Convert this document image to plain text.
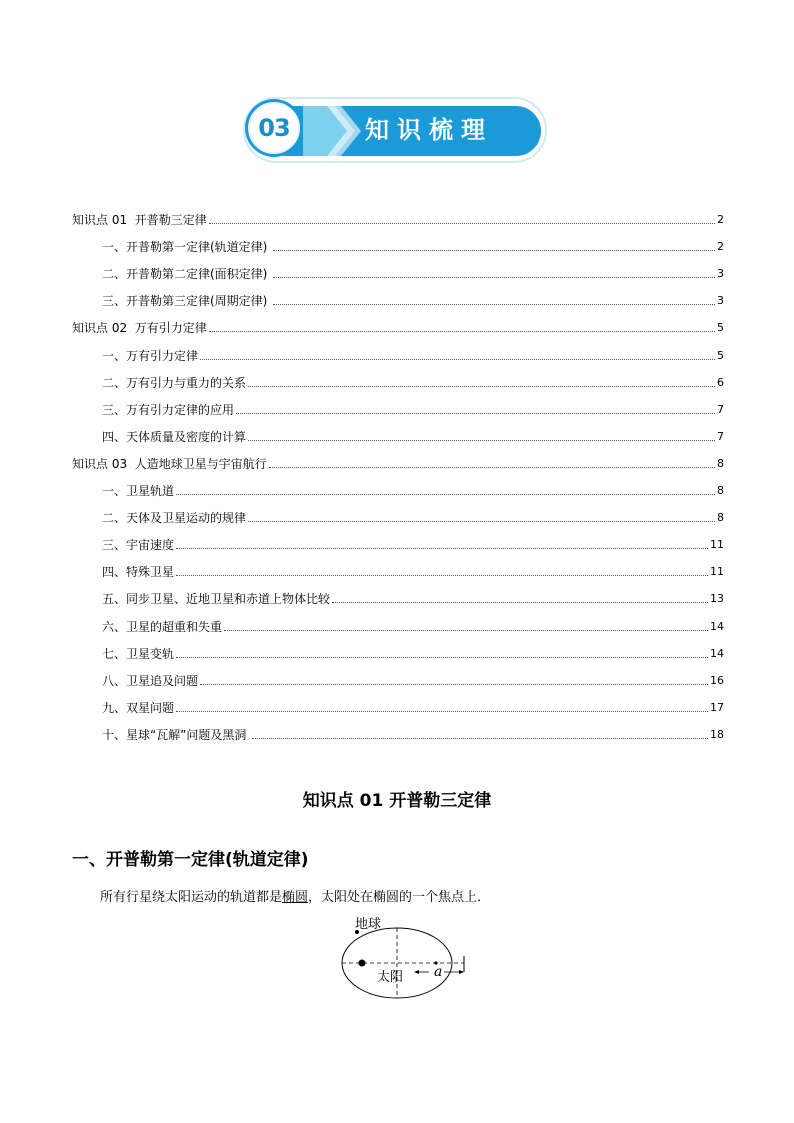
03	知识梳理
知识点 01  开普勒三定律	2
一、开普勒第一定律(轨道定律)	2
二、开普勒第二定律(面积定律)	3
三、开普勒第三定律(周期定律)	3
知识点 02  万有引力定律	5
一、万有引力定律	5
二、万有引力与重力的关系	6
三、万有引力定律的应用	7
四、天体质量及密度的计算	7
知识点 03  人造地球卫星与宇宙航行	8
一、卫星轨道	8
二、天体及卫星运动的规律	8
三、宇宙速度	11
四、特殊卫星	11
五、同步卫星、近地卫星和赤道上物体比较	13
六、卫星的超重和失重	14
七、卫星变轨	14
八、卫星追及问题	16
九、双星问题	17
十、星球“瓦解”问题及黑洞	18
知识点 01 开普勒三定律
一、开普勒第一定律(轨道定律)
所有行星绕太阳运动的轨道都是椭圆，太阳处在椭圆的一个焦点上．
地球
太阳 a
